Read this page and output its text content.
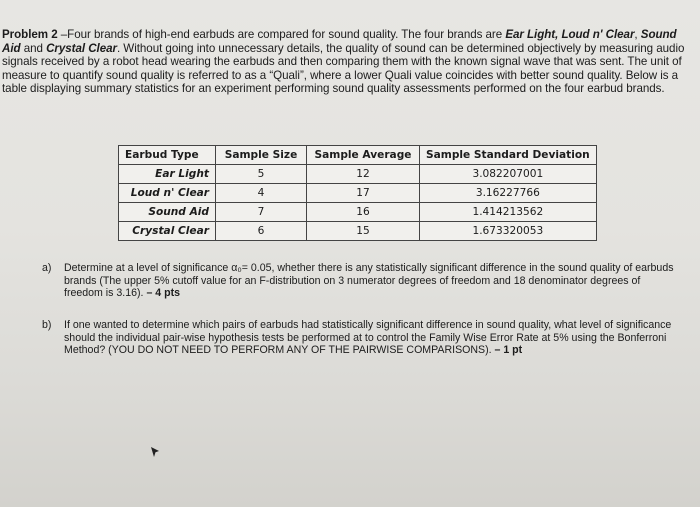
Problem 2 –Four brands of high-end earbuds are compared for sound quality. The four brands are Ear Light, Loud n' Clear, Sound Aid and Crystal Clear. Without going into unnecessary details, the quality of sound can be determined objectively by measuring audio signals received by a robot head wearing the earbuds and then comparing them with the known signal wave that was sent. The unit of measure to quantify sound quality is referred to as a “Quali”, where a lower Quali value coincides with better sound quality. Below is a table displaying summary statistics for an experiment performing sound quality assessments performed on the four earbud brands.
Earbud Type	Sample Size	Sample Average	Sample Standard Deviation
Ear Light	5	12	3.082207001
Loud n' Clear	4	17	3.16227766
Sound Aid	7	16	1.414213562
Crystal Clear	6	15	1.673320053
a) Determine at a level of significance α₀= 0.05, whether there is any statistically significant difference in the sound quality of earbuds brands (The upper 5% cutoff value for an F-distribution on 3 numerator degrees of freedom and 18 denominator degrees of freedom is 3.16). – 4 pts
b) If one wanted to determine which pairs of earbuds had statistically significant difference in sound quality, what level of significance should the individual pair-wise hypothesis tests be performed at to control the Family Wise Error Rate at 5% using the Bonferroni Method? (YOU DO NOT NEED TO PERFORM ANY OF THE PAIRWISE COMPARISONS). – 1 pt
